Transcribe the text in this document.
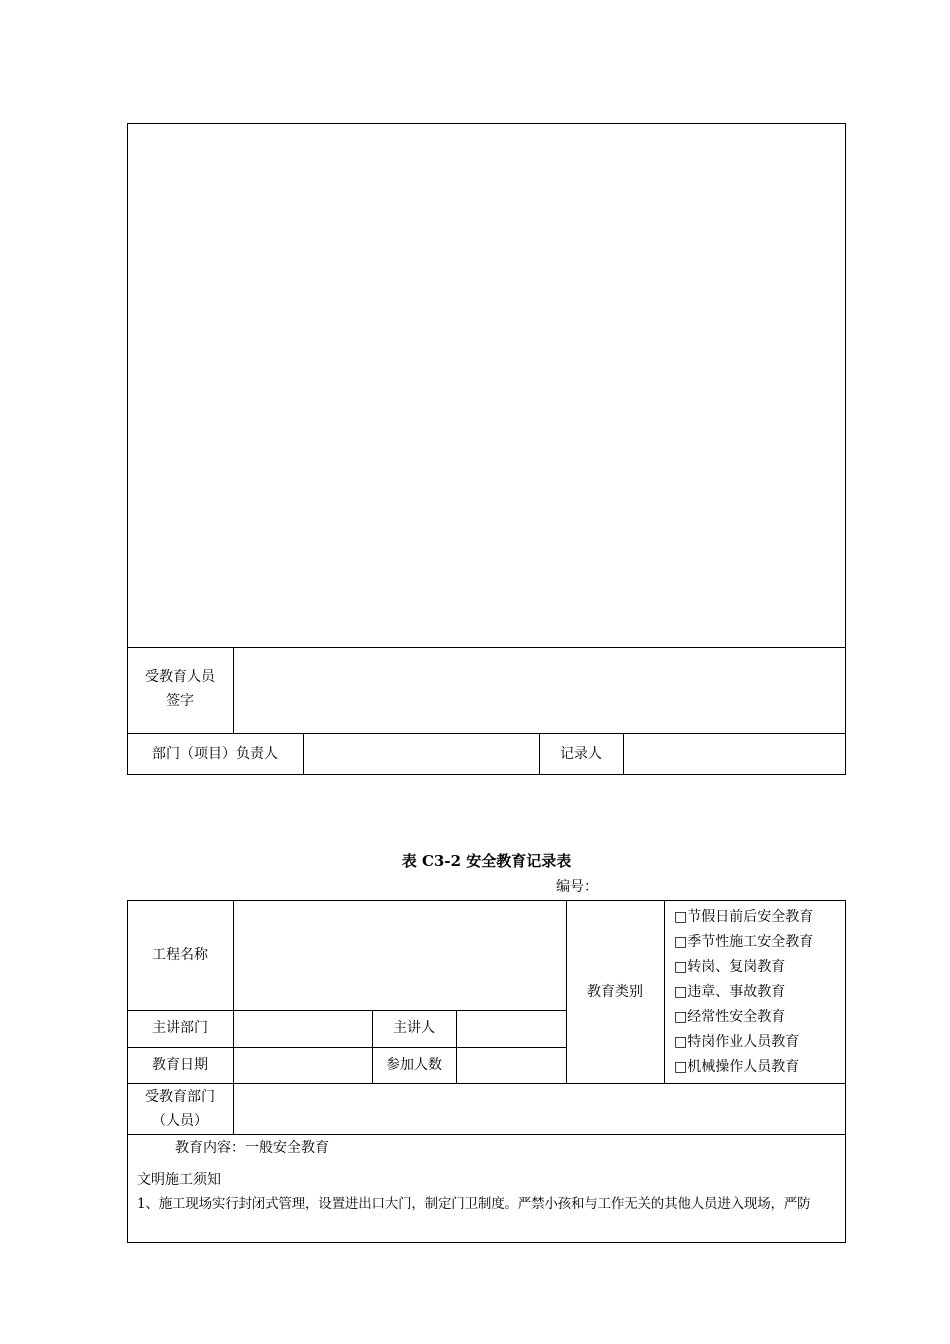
受教育人员
签字
部门（项目）负责人	记录人
表 C3-2 安全教育记录表
编号：
工程名称
教育类别
主讲部门	主讲人
教育日期	参加人数
□节假日前后安全教育
□季节性施工安全教育
□转岗、复岗教育
□违章、事故教育
□经常性安全教育
□特岗作业人员教育
□机械操作人员教育
受教育部门
（人员）
教育内容：一般安全教育
文明施工须知
1、施工现场实行封闭式管理，设置进出口大门，制定门卫制度。严禁小孩和与工作无关的其他人员进入现场，严防
